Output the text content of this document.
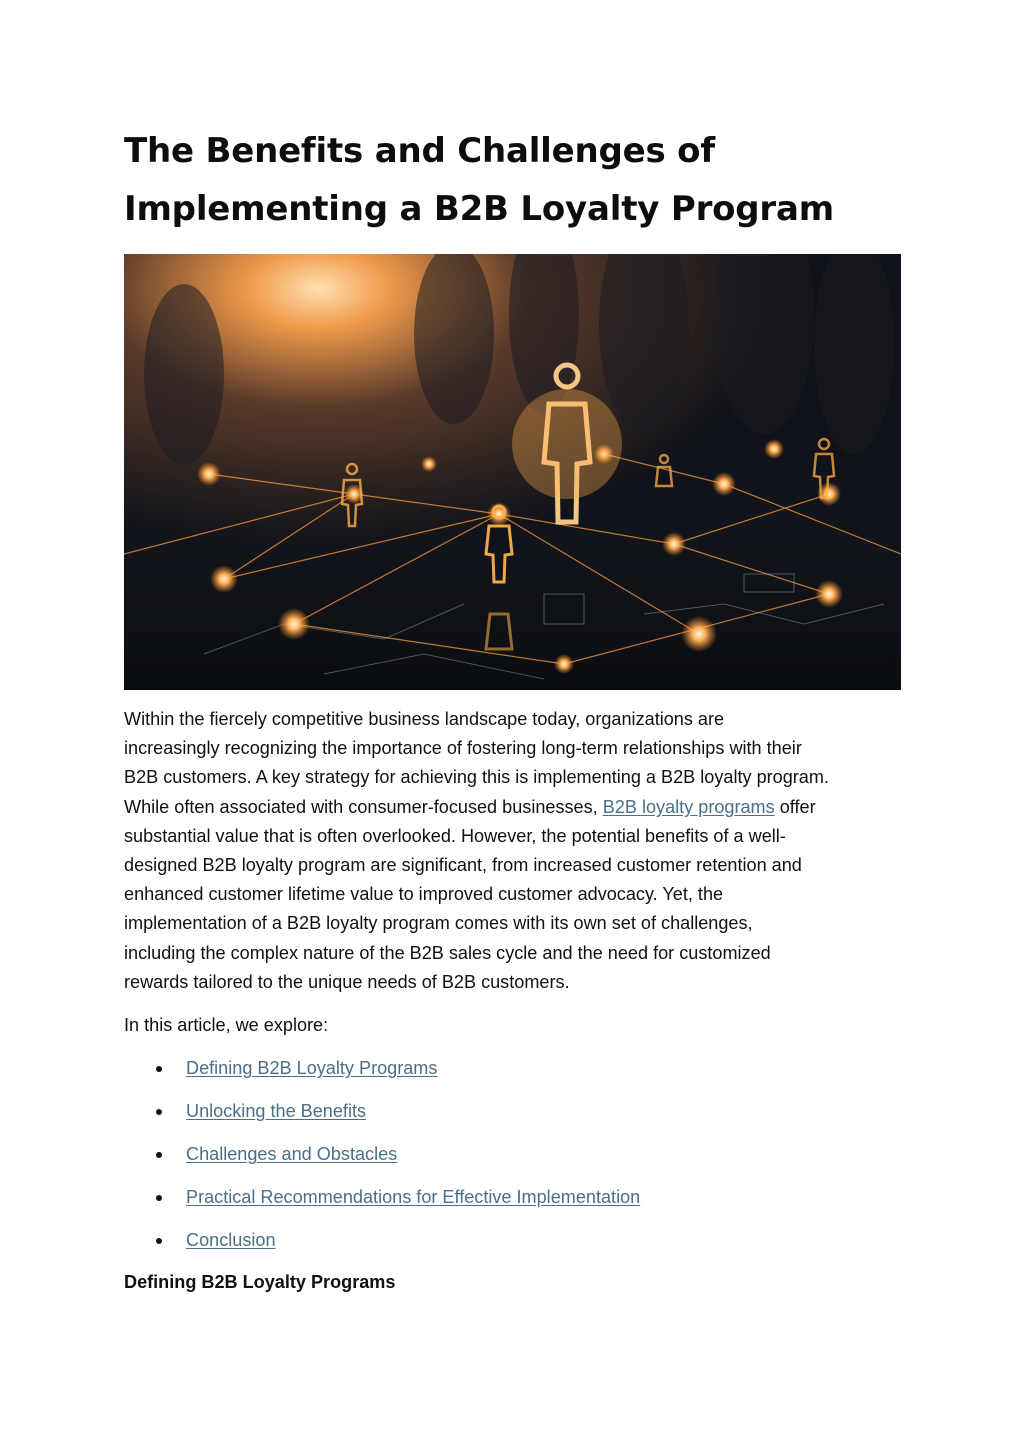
The Benefits and Challenges of
Implementing a B2B Loyalty Program

Within the fiercely competitive business landscape today, organizations are
increasingly recognizing the importance of fostering long-term relationships with their
B2B customers. A key strategy for achieving this is implementing a B2B loyalty program.
While often associated with consumer-focused businesses, B2B loyalty programs offer
substantial value that is often overlooked. However, the potential benefits of a well-
designed B2B loyalty program are significant, from increased customer retention and
enhanced customer lifetime value to improved customer advocacy. Yet, the
implementation of a B2B loyalty program comes with its own set of challenges,
including the complex nature of the B2B sales cycle and the need for customized
rewards tailored to the unique needs of B2B customers.

In this article, we explore:

Defining B2B Loyalty Programs
Unlocking the Benefits
Challenges and Obstacles
Practical Recommendations for Effective Implementation
Conclusion
Defining B2B Loyalty Programs
